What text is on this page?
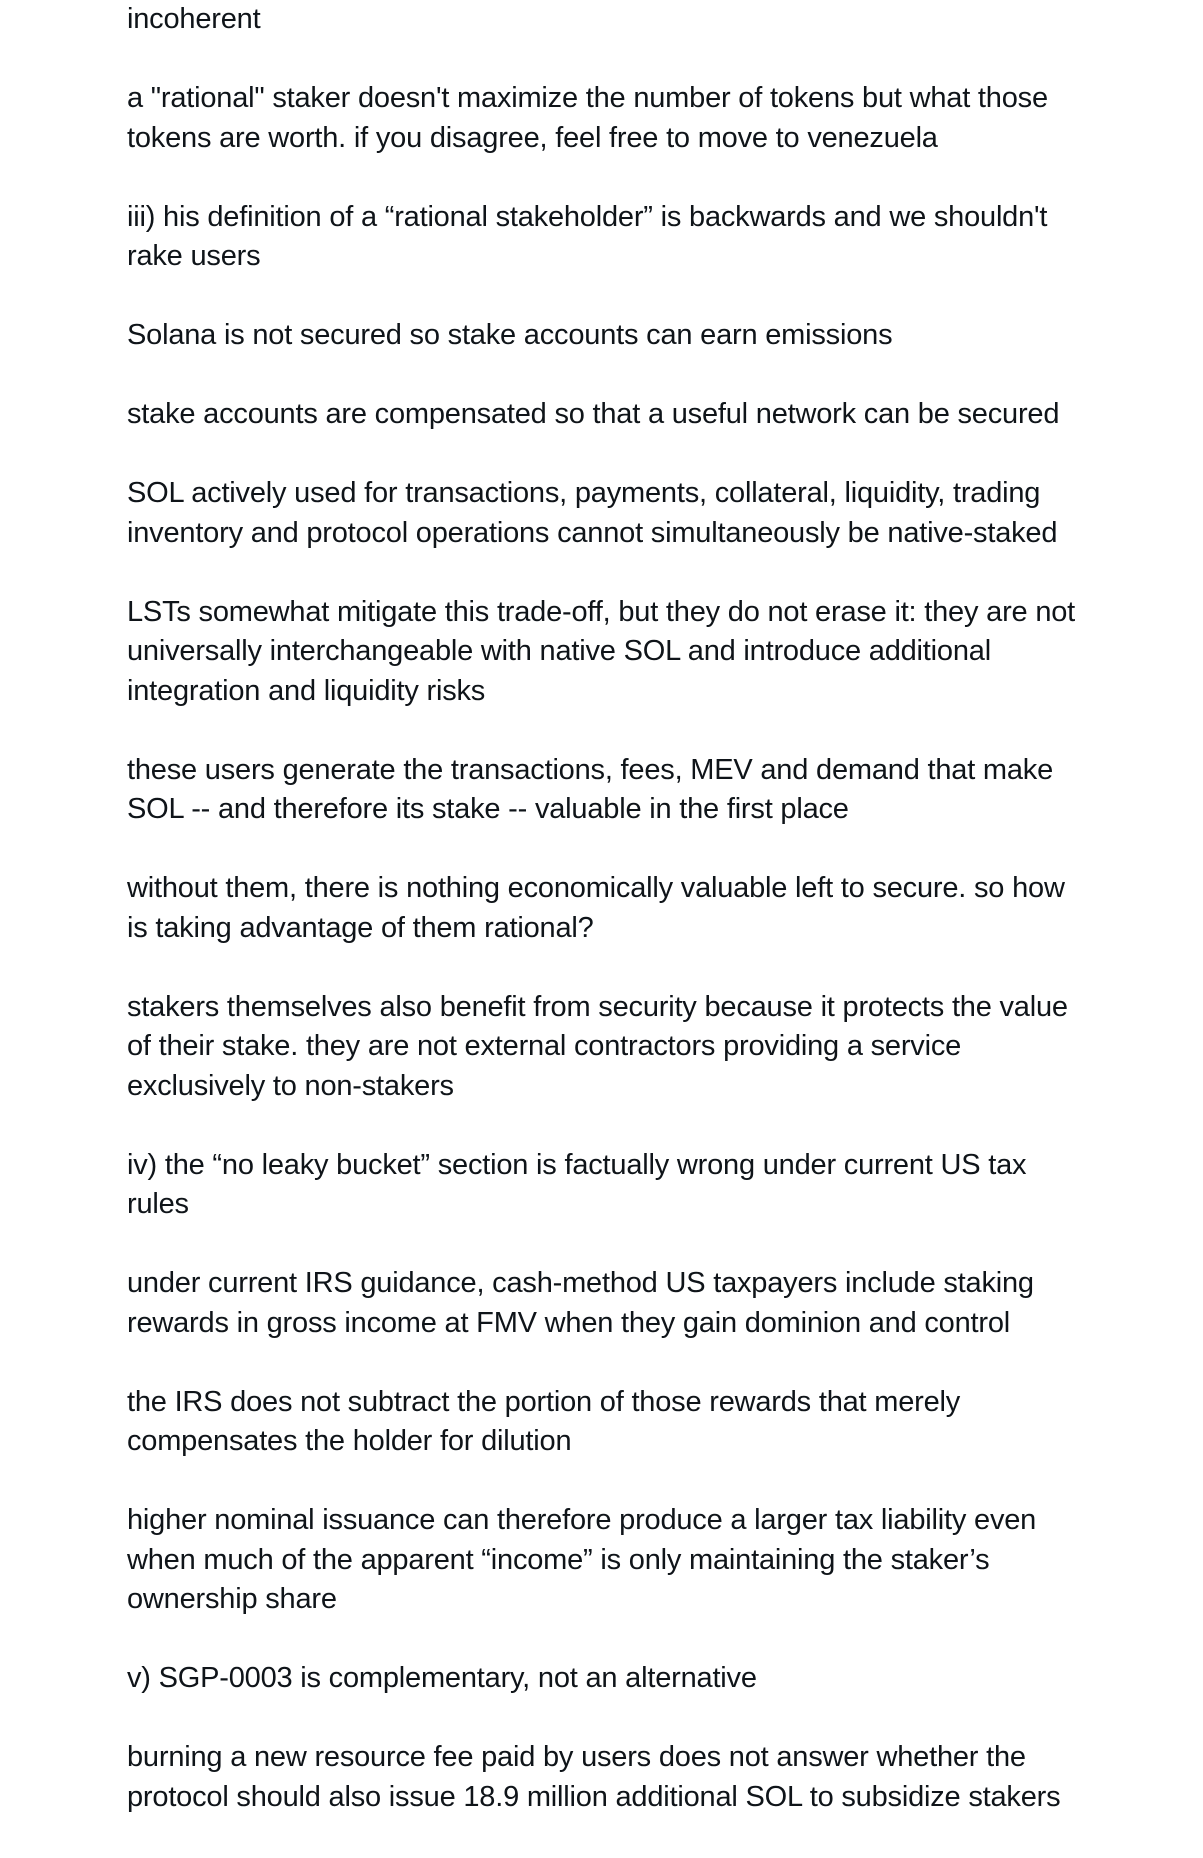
incoherent

a "rational" staker doesn't maximize the number of tokens but what those
tokens are worth. if you disagree, feel free to move to venezuela

iii) his definition of a “rational stakeholder” is backwards and we shouldn't
rake users

Solana is not secured so stake accounts can earn emissions

stake accounts are compensated so that a useful network can be secured

SOL actively used for transactions, payments, collateral, liquidity, trading
inventory and protocol operations cannot simultaneously be native-staked

LSTs somewhat mitigate this trade-off, but they do not erase it: they are not
universally interchangeable with native SOL and introduce additional
integration and liquidity risks

these users generate the transactions, fees, MEV and demand that make
SOL -- and therefore its stake -- valuable in the first place

without them, there is nothing economically valuable left to secure. so how
is taking advantage of them rational?

stakers themselves also benefit from security because it protects the value
of their stake. they are not external contractors providing a service
exclusively to non-stakers

iv) the “no leaky bucket” section is factually wrong under current US tax
rules

under current IRS guidance, cash-method US taxpayers include staking
rewards in gross income at FMV when they gain dominion and control

the IRS does not subtract the portion of those rewards that merely
compensates the holder for dilution

higher nominal issuance can therefore produce a larger tax liability even
when much of the apparent “income” is only maintaining the staker’s
ownership share

v) SGP-0003 is complementary, not an alternative

burning a new resource fee paid by users does not answer whether the
protocol should also issue 18.9 million additional SOL to subsidize stakers
